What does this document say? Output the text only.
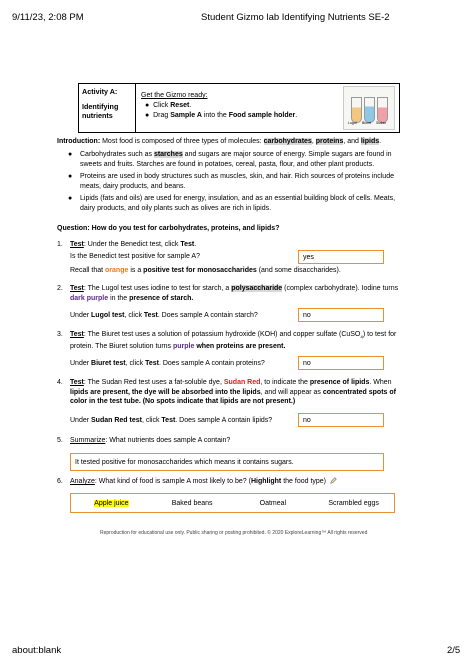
9/11/23, 2:08 PM	Student Gizmo lab Identifying Nutrients SE-2
Activity A:
Identifying
nutrients
Get the Gizmo ready:
● Click Reset.
● Drag Sample A into the Food sample holder.
Lugol Biuret Sudan
Introduction: Most food is composed of three types of molecules: carbohydrates, proteins, and lipids.
● Carbohydrates such as starches and sugars are major source of energy. Simple sugars are found in
sweets and fruits. Starches are found in potatoes, cereal, pasta, flour, and other plant products.
● Proteins are used in body structures such as muscles, skin, and hair. Rich sources of proteins include
meats, dairy products, and beans.
● Lipids (fats and oils) are used for energy, insulation, and as an essential building block of cells. Meats,
dairy products, and oily plants such as olives are rich in lipids.
Question: How do you test for carbohydrates, proteins, and lipids?
1. Test: Under the Benedict test, click Test.
Is the Benedict test positive for sample A?	yes
Recall that orange is a positive test for monosaccharides (and some disaccharides).
2. Test: The Lugol test uses iodine to test for starch, a polysaccharide (complex carbohydrate). Iodine turns
dark purple in the presence of starch.
Under Lugol test, click Test. Does sample A contain starch?	no
3. Test: The Biuret test uses a solution of potassium hydroxide (KOH) and copper sulfate (CuSO$_4$) to test for
protein. The Biuret solution turns purple when proteins are present.
Under Biuret test, click Test. Does sample A contain proteins?	no
4. Test: The Sudan Red test uses a fat-soluble dye, Sudan Red, to indicate the presence of lipids. When
lipids are present, the dye will be absorbed into the lipids, and will appear as concentrated spots of
color in the test tube. (No spots indicate that lipids are not present.)
Under Sudan Red test, click Test. Does sample A contain lipids?	no
5. Summarize: What nutrients does sample A contain?
It tested positive for monosaccharides which means it contains sugars.
6. Analyze: What kind of food is sample A most likely to be? (Highlight the food type)
Apple juice	Baked beans	Oatmeal	Scrambled eggs
Reproduction for educational use only. Public sharing or posting prohibited. © 2020 ExploreLearning™ All rights reserved
about:blank	2/5
